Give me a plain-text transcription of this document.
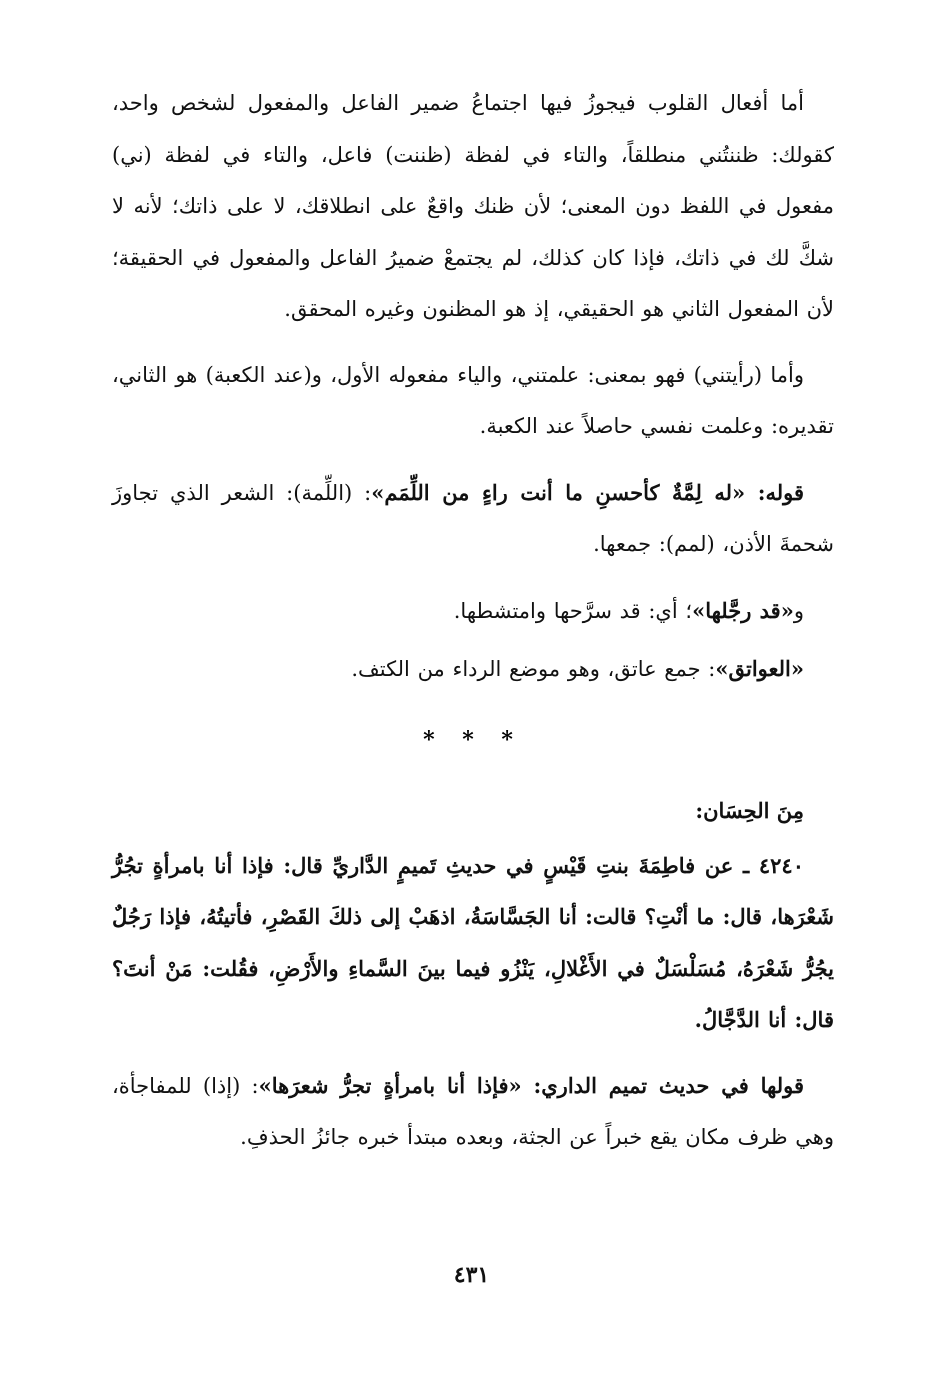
أما أفعال القلوب فيجوزُ فيها اجتماعُ ضمير الفاعل والمفعول لشخص واحد، كقولك: ظننتُني منطلقاً، والتاء في لفظة (ظننت) فاعل، والتاء في لفظة (ني) مفعول في اللفظ دون المعنى؛ لأن ظنك واقعٌ على انطلاقك، لا على ذاتك؛ لأنه لا شكَّ لك في ذاتك، فإذا كان كذلك، لم يجتمعْ ضميرُ الفاعل والمفعول في الحقيقة؛ لأن المفعول الثاني هو الحقيقي، إذ هو المظنون وغيره المحقق.

وأما (رأيتني) فهو بمعنى: علمتني، والياء مفعوله الأول، و(عند الكعبة) هو الثاني، تقديره: وعلمت نفسي حاصلاً عند الكعبة.

قوله: «له لِمَّةٌ كأحسنِ ما أنت راءٍ من اللِّمَم»: (اللِّمة): الشعر الذي تجاوزَ شحمةَ الأذن، (لمم): جمعها.

و«قد رجَّلها»؛ أي: قد سرَّحها وامتشطها.

«العواتق»: جمع عاتق، وهو موضع الرداء من الكتف.

* * *

مِنَ الحِسَان:

٤٢٤٠ ـ عن فاطِمَةَ بنتِ قَيْسٍ في حديثِ تَميمٍ الدَّاريِّ قال: فإذا أنا بامرأةٍ تجُرُّ شَعْرَها، قال: ما أنْتِ؟ قالت: أنا الجَسَّاسَةُ، اذهَبْ إلى ذلكَ القَصْرِ، فأتيتُهُ، فإذا رَجُلٌ يجُرُّ شَعْرَهُ، مُسَلْسَلٌ في الأَغْلالِ، يَنْزُو فيما بينَ السَّماءِ والأَرْضِ، فقُلت: مَنْ أنتَ؟ قال: أنا الدَّجَّالُ.

قولها في حديث تميم الداري: «فإذا أنا بامرأةٍ تجرُّ شعرَها»: (إذا) للمفاجأة، وهي ظرف مكان يقع خبراً عن الجثة، وبعده مبتدأ خبره جائزُ الحذفِ.

٤٣١
